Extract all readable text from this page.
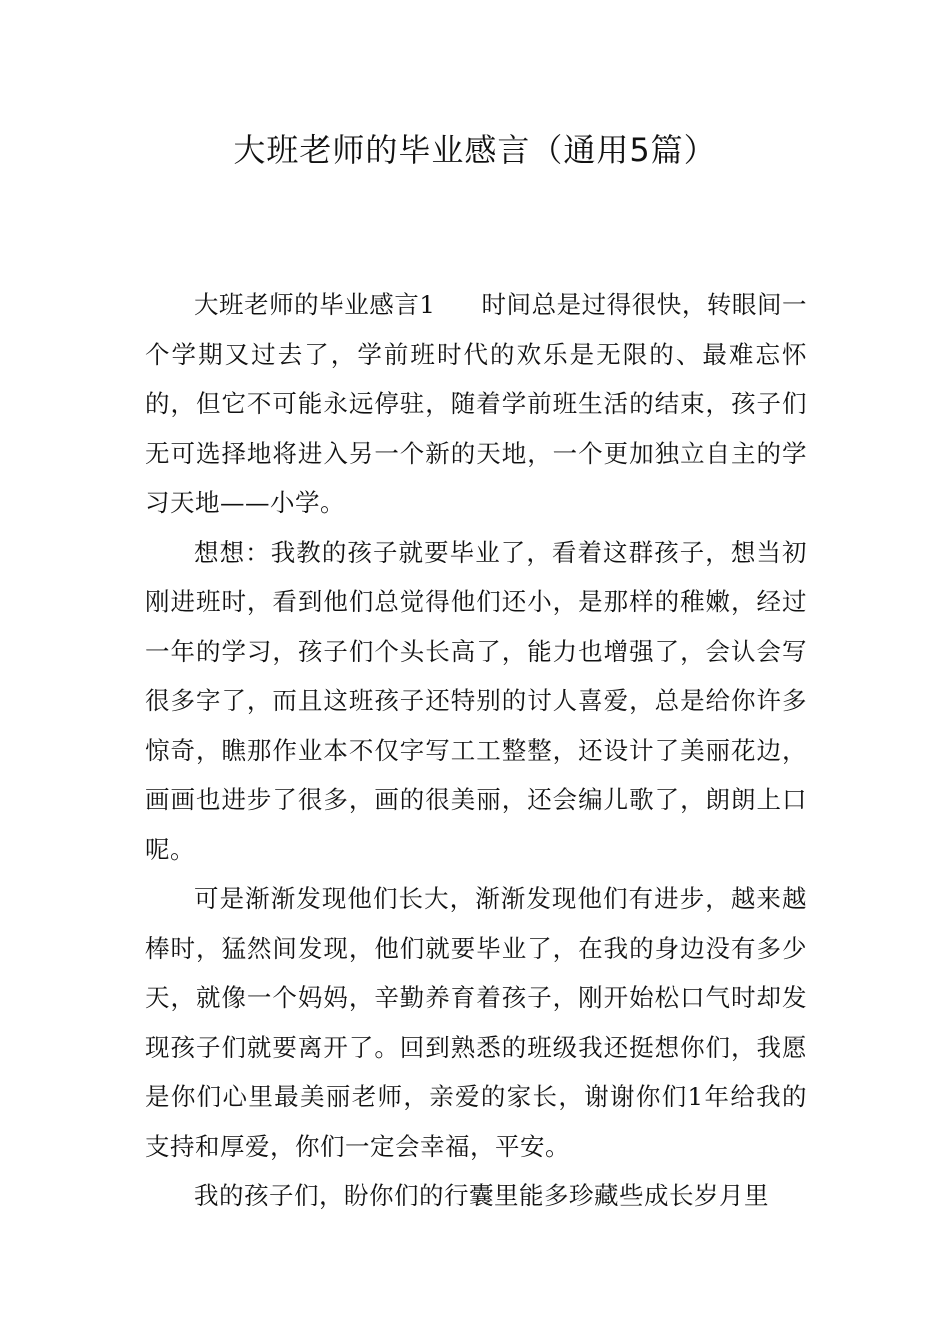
大班老师的毕业感言（通用5篇）

大班老师的毕业感言1 时间总是过得很快，转眼间一个学期又过去了，学前班时代的欢乐是无限的、最难忘怀的，但它不可能永远停驻，随着学前班生活的结束，孩子们无可选择地将进入另一个新的天地，一个更加独立自主的学习天地——小学。

想想：我教的孩子就要毕业了，看着这群孩子，想当初刚进班时，看到他们总觉得他们还小，是那样的稚嫩，经过一年的学习，孩子们个头长高了，能力也增强了，会认会写很多字了，而且这班孩子还特别的讨人喜爱，总是给你许多惊奇，瞧那作业本不仅字写工工整整，还设计了美丽花边，画画也进步了很多，画的很美丽，还会编儿歌了，朗朗上口呢。

可是渐渐发现他们长大，渐渐发现他们有进步，越来越棒时，猛然间发现，他们就要毕业了，在我的身边没有多少天，就像一个妈妈，辛勤养育着孩子，刚开始松口气时却发现孩子们就要离开了。回到熟悉的班级我还挺想你们，我愿是你们心里最美丽老师，亲爱的家长，谢谢你们1年给我的支持和厚爱，你们一定会幸福，平安。

我的孩子们，盼你们的行囊里能多珍藏些成长岁月里
